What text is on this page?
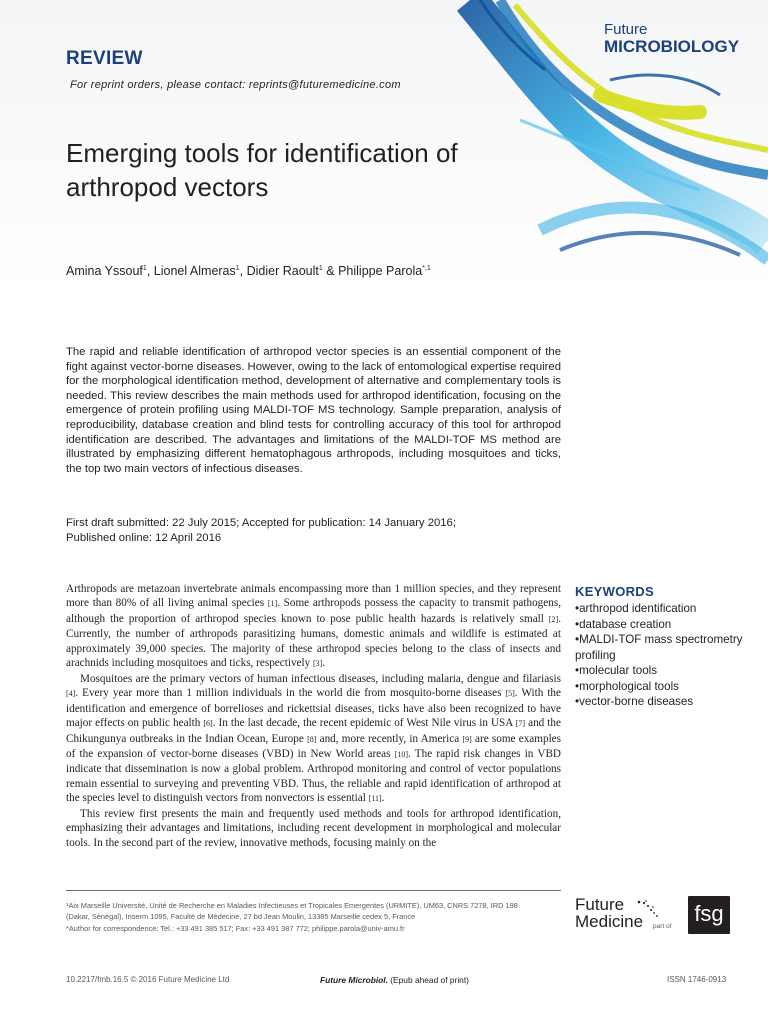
REVIEW
For reprint orders, please contact: reprints@futuremedicine.com
Future
MICROBIOLOGY
Emerging tools for identification of arthropod vectors
Amina Yssouf$^1$, Lionel Almeras$^1$, Didier Raoult$^1$ & Philippe Parola$^{*,1}$
The rapid and reliable identification of arthropod vector species is an essential component of the fight against vector-borne diseases. However, owing to the lack of entomological expertise required for the morphological identification method, development of alternative and complementary tools is needed. This review describes the main methods used for arthropod identification, focusing on the emergence of protein profiling using MALDI-TOF MS technology. Sample preparation, analysis of reproducibility, database creation and blind tests for controlling accuracy of this tool for arthropod identification are described. The advantages and limitations of the MALDI-TOF MS method are illustrated by emphasizing different hematophagous arthropods, including mosquitoes and ticks, the top two main vectors of infectious diseases.
First draft submitted: 22 July 2015; Accepted for publication: 14 January 2016;
Published online: 12 April 2016

Arthropods are metazoan invertebrate animals encompassing more than 1 million species, and they represent more than 80% of all living animal species [1]. Some arthropods possess the capacity to transmit pathogens, although the proportion of arthropod species known to pose public health hazards is relatively small [2]. Currently, the number of arthropods parasitizing humans, domestic animals and wildlife is estimated at approximately 39,000 species. The majority of these arthropod species belong to the class of insects and arachnids including mosquitoes and ticks, respectively [3].

Mosquitoes are the primary vectors of human infectious diseases, including malaria, dengue and filariasis [4]. Every year more than 1 million individuals in the world die from mosquito-borne diseases [5]. With the identification and emergence of borrelioses and rickettsial diseases, ticks have also been recognized to have major effects on public health [6]. In the last decade, the recent epidemic of West Nile virus in USA [7] and the Chikungunya outbreaks in the Indian Ocean, Europe [8] and, more recently, in America [9] are some examples of the expansion of vector-borne diseases (VBD) in New World areas [10]. The rapid risk changes in VBD indicate that dissemination is now a global problem. Arthropod monitoring and control of vector populations remain essential to surveying and preventing VBD. Thus, the reliable and rapid identification of arthropod at the species level to distinguish vectors from nonvectors is essential [11].

This review first presents the main and frequently used methods and tools for arthropod identification, emphasizing their advantages and limitations, including recent development in morphological and molecular tools. In the second part of the review, innovative methods, focusing mainly on the

KEYWORDS
• arthropod identification
• database creation
• MALDI-TOF mass spectrometry profiling
• molecular tools
• morphological tools
• vector-borne diseases
¹Aix Marseille Université, Unité de Recherche en Maladies Infectieuses et Tropicales Emergentes (URMITE), UM63, CNRS 7278, IRD 198
(Dakar, Sénégal), Inserm 1095, Faculté de Médecine, 27 bd Jean Moulin, 13385 Marseille cedex 5, France
*Author for correspondence: Tel.: +33 491 385 517; Fax: +33 491 387 772; philippe.parola@univ-amu.fr
Future
Medicine part of
fsg
10.2217/fmb.16.5 © 2016 Future Medicine Ltd	Future Microbiol. (Epub ahead of print)	ISSN 1746-0913
